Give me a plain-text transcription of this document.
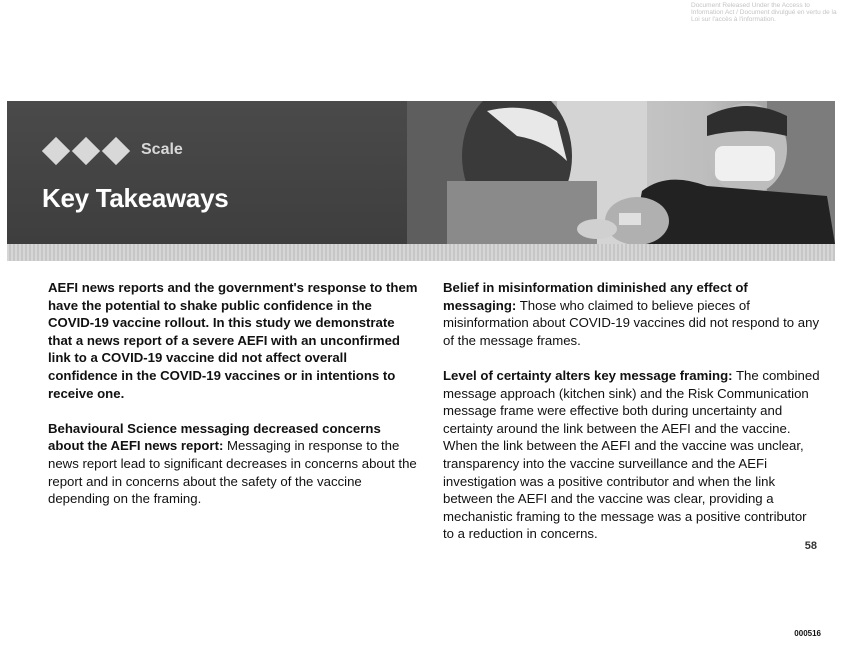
Document Released Under the Access to Information Act / Document divulgué en vertu de la Loi sur l'accès à l'information.
Scale
Key Takeaways

AEFI news reports and the government's response to them have the potential to shake public confidence in the COVID-19 vaccine rollout. In this study we demonstrate that a news report of a severe AEFI with an unconfirmed link to a COVID-19 vaccine did not affect overall confidence in the COVID-19 vaccines or in intentions to receive one.

Behavioural Science messaging decreased concerns about the AEFI news report: Messaging in response to the news report lead to significant decreases in concerns about the report and in concerns about the safety of the vaccine depending on the framing.

Belief in misinformation diminished any effect of messaging: Those who claimed to believe pieces of misinformation about COVID-19 vaccines did not respond to any of the message frames.

Level of certainty alters key message framing: The combined message approach (kitchen sink) and the Risk Communication message frame were effective both during uncertainty and certainty around the link between the AEFI and the vaccine. When the link between the AEFI and the vaccine was unclear, transparency into the vaccine surveillance and the AEFi investigation was a positive contributor and when the link between the AEFI and the vaccine was clear, providing a mechanistic framing to the message was a positive contributor to a reduction in concerns.

58
000516
